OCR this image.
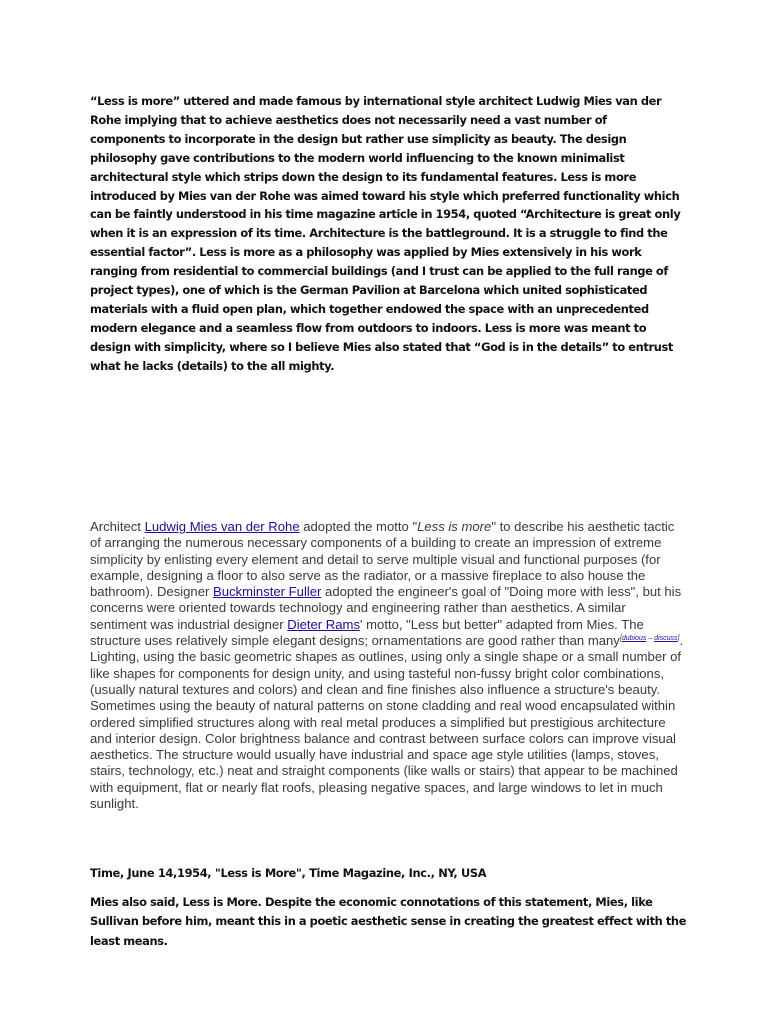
“Less is more” uttered and made famous by international style architect Ludwig Mies van der Rohe implying that to achieve aesthetics does not necessarily need a vast number of components to incorporate in the design but rather use simplicity as beauty. The design philosophy gave contributions to the modern world influencing to the known minimalist architectural style which strips down the design to its fundamental features. Less is more introduced by Mies van der Rohe was aimed toward his style which preferred functionality which can be faintly understood in his time magazine article in 1954, quoted “Architecture is great only when it is an expression of its time. Architecture is the battleground. It is a struggle to find the essential factor”. Less is more as a philosophy was applied by Mies extensively in his work ranging from residential to commercial buildings (and I trust can be applied to the full range of project types), one of which is the German Pavilion at Barcelona which united sophisticated materials with a fluid open plan, which together endowed the space with an unprecedented modern elegance and a seamless flow from outdoors to indoors. Less is more was meant to design with simplicity, where so I believe Mies also stated that “God is in the details” to entrust what he lacks (details) to the all mighty.

Architect Ludwig Mies van der Rohe adopted the motto "Less is more" to describe his aesthetic tactic of arranging the numerous necessary components of a building to create an impression of extreme simplicity by enlisting every element and detail to serve multiple visual and functional purposes (for example, designing a floor to also serve as the radiator, or a massive fireplace to also house the bathroom). Designer Buckminster Fuller adopted the engineer's goal of "Doing more with less", but his concerns were oriented towards technology and engineering rather than aesthetics. A similar sentiment was industrial designer Dieter Rams' motto, "Less but better" adapted from Mies. The structure uses relatively simple elegant designs; ornamentations are good rather than many[dubious – discuss]. Lighting, using the basic geometric shapes as outlines, using only a single shape or a small number of like shapes for components for design unity, and using tasteful non-fussy bright color combinations, (usually natural textures and colors) and clean and fine finishes also influence a structure's beauty. Sometimes using the beauty of natural patterns on stone cladding and real wood encapsulated within ordered simplified structures along with real metal produces a simplified but prestigious architecture and interior design. Color brightness balance and contrast between surface colors can improve visual aesthetics. The structure would usually have industrial and space age style utilities (lamps, stoves, stairs, technology, etc.) neat and straight components (like walls or stairs) that appear to be machined with equipment, flat or nearly flat roofs, pleasing negative spaces, and large windows to let in much sunlight.

Time, June 14,1954, "Less is More", Time Magazine, Inc., NY, USA

Mies also said, Less is More. Despite the economic connotations of this statement, Mies, like Sullivan before him, meant this in a poetic aesthetic sense in creating the greatest effect with the least means.
